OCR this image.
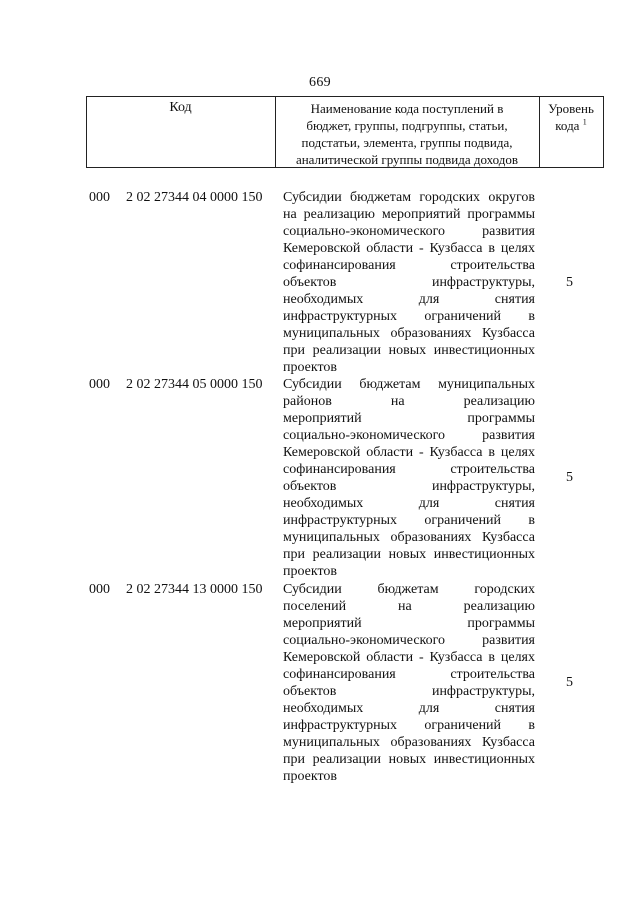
669
Код	Наименование кода поступлений в
бюджет, группы, подгруппы, статьи,
подстатьи, элемента, группы подвида,
аналитической группы подвида доходов
Уровень
кода $^1$
000 2 02 27344 04 0000 150 Субсидии бюджетам городских округов
на реализацию мероприятий программы
социально-экономического развития
Кемеровской области - Кузбасса в целях
софинансирования строительства
объектов инфраструктуры,
необходимых для снятия
инфраструктурных ограничений в
муниципальных образованиях Кузбасса
при реализации новых инвестиционных
проектов
5
000 2 02 27344 05 0000 150 Субсидии бюджетам муниципальных
районов на реализацию
мероприятий программы
социально-экономического развития
Кемеровской области - Кузбасса в целях
софинансирования строительства
объектов инфраструктуры,
необходимых для снятия
инфраструктурных ограничений в
муниципальных образованиях Кузбасса
при реализации новых инвестиционных
проектов
5
000 2 02 27344 13 0000 150 Субсидии бюджетам городских
поселений на реализацию
мероприятий программы
социально-экономического развития
Кемеровской области - Кузбасса в целях
софинансирования строительства
объектов инфраструктуры,
необходимых для снятия
инфраструктурных ограничений в
муниципальных образованиях Кузбасса
при реализации новых инвестиционных
проектов
5
